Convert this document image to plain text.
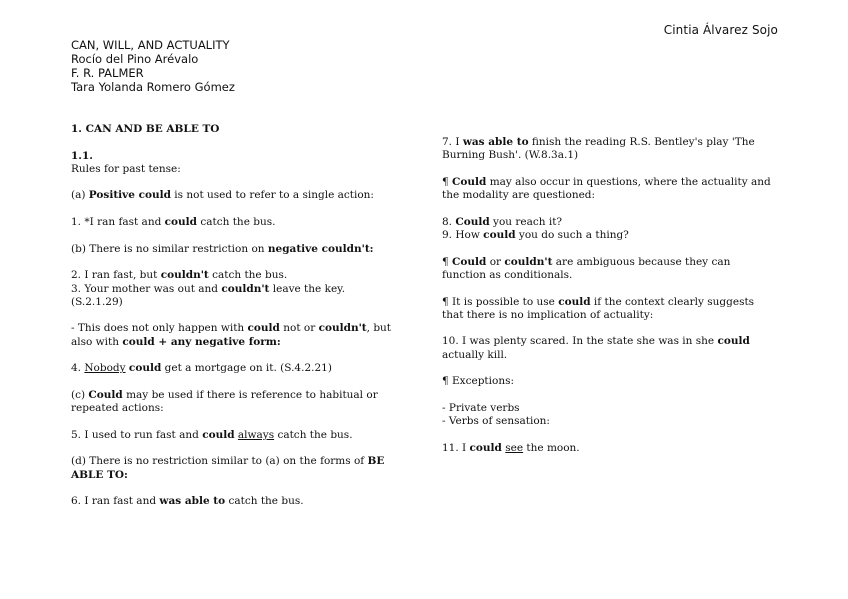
Cintia Álvarez Sojo
CAN, WILL, AND ACTUALITY
Rocío del Pino Arévalo
F. R. PALMER
Tara Yolanda Romero Gómez

1. CAN AND BE ABLE TO

1.1.

Rules for past tense:

(a) Positive could is not used to refer to a single action:

1. *I ran fast and could catch the bus.

(b) There is no similar restriction on negative couldn't:

2. I ran fast, but couldn't catch the bus.

3. Your mother was out and couldn't leave the key.

(S.2.1.29)

- This does not only happen with could not or couldn't, but also with could + any negative form:

4. Nobody could get a mortgage on it. (S.4.2.21)

(c) Could may be used if there is reference to habitual or repeated actions:

5. I used to run fast and could always catch the bus.

(d) There is no restriction similar to (a) on the forms of BE ABLE TO:

6. I ran fast and was able to catch the bus.

7. I was able to finish the reading R.S. Bentley's play 'The Burning Bush'. (W.8.3a.1)

¶ Could may also occur in questions, where the actuality and the modality are questioned:

8. Could you reach it?

9. How could you do such a thing?

¶ Could or couldn't are ambiguous because they can function as conditionals.

¶ It is possible to use could if the context clearly suggests that there is no implication of actuality:

10. I was plenty scared. In the state she was in she could actually kill.

¶ Exceptions:

- Private verbs

- Verbs of sensation:

11. I could see the moon.
